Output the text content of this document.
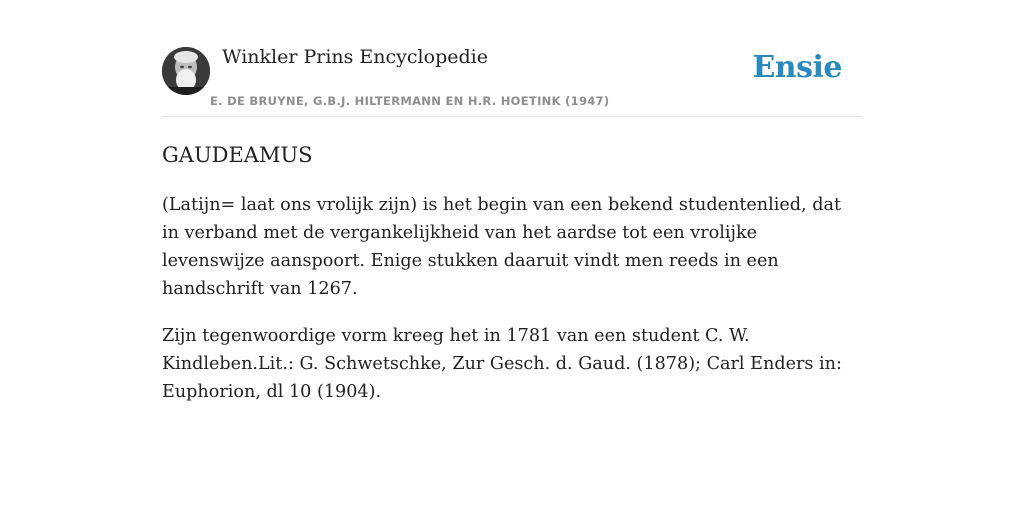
Winkler Prins Encyclopedie
E. DE BRUYNE, G.B.J. HILTERMANN EN H.R. HOETINK (1947)
Ensie
GAUDEAMUS

(Latijn= laat ons vrolijk zijn) is het begin van een bekend studentenlied, dat in verband met de vergankelijkheid van het aardse tot een vrolijke levenswijze aanspoort. Enige stukken daaruit vindt men reeds in een handschrift van 1267.

Zijn tegenwoordige vorm kreeg het in 1781 van een student C. W. Kindleben.Lit.: G. Schwetschke, Zur Gesch. d. Gaud. (1878); Carl Enders in: Euphorion, dl 10 (1904).
